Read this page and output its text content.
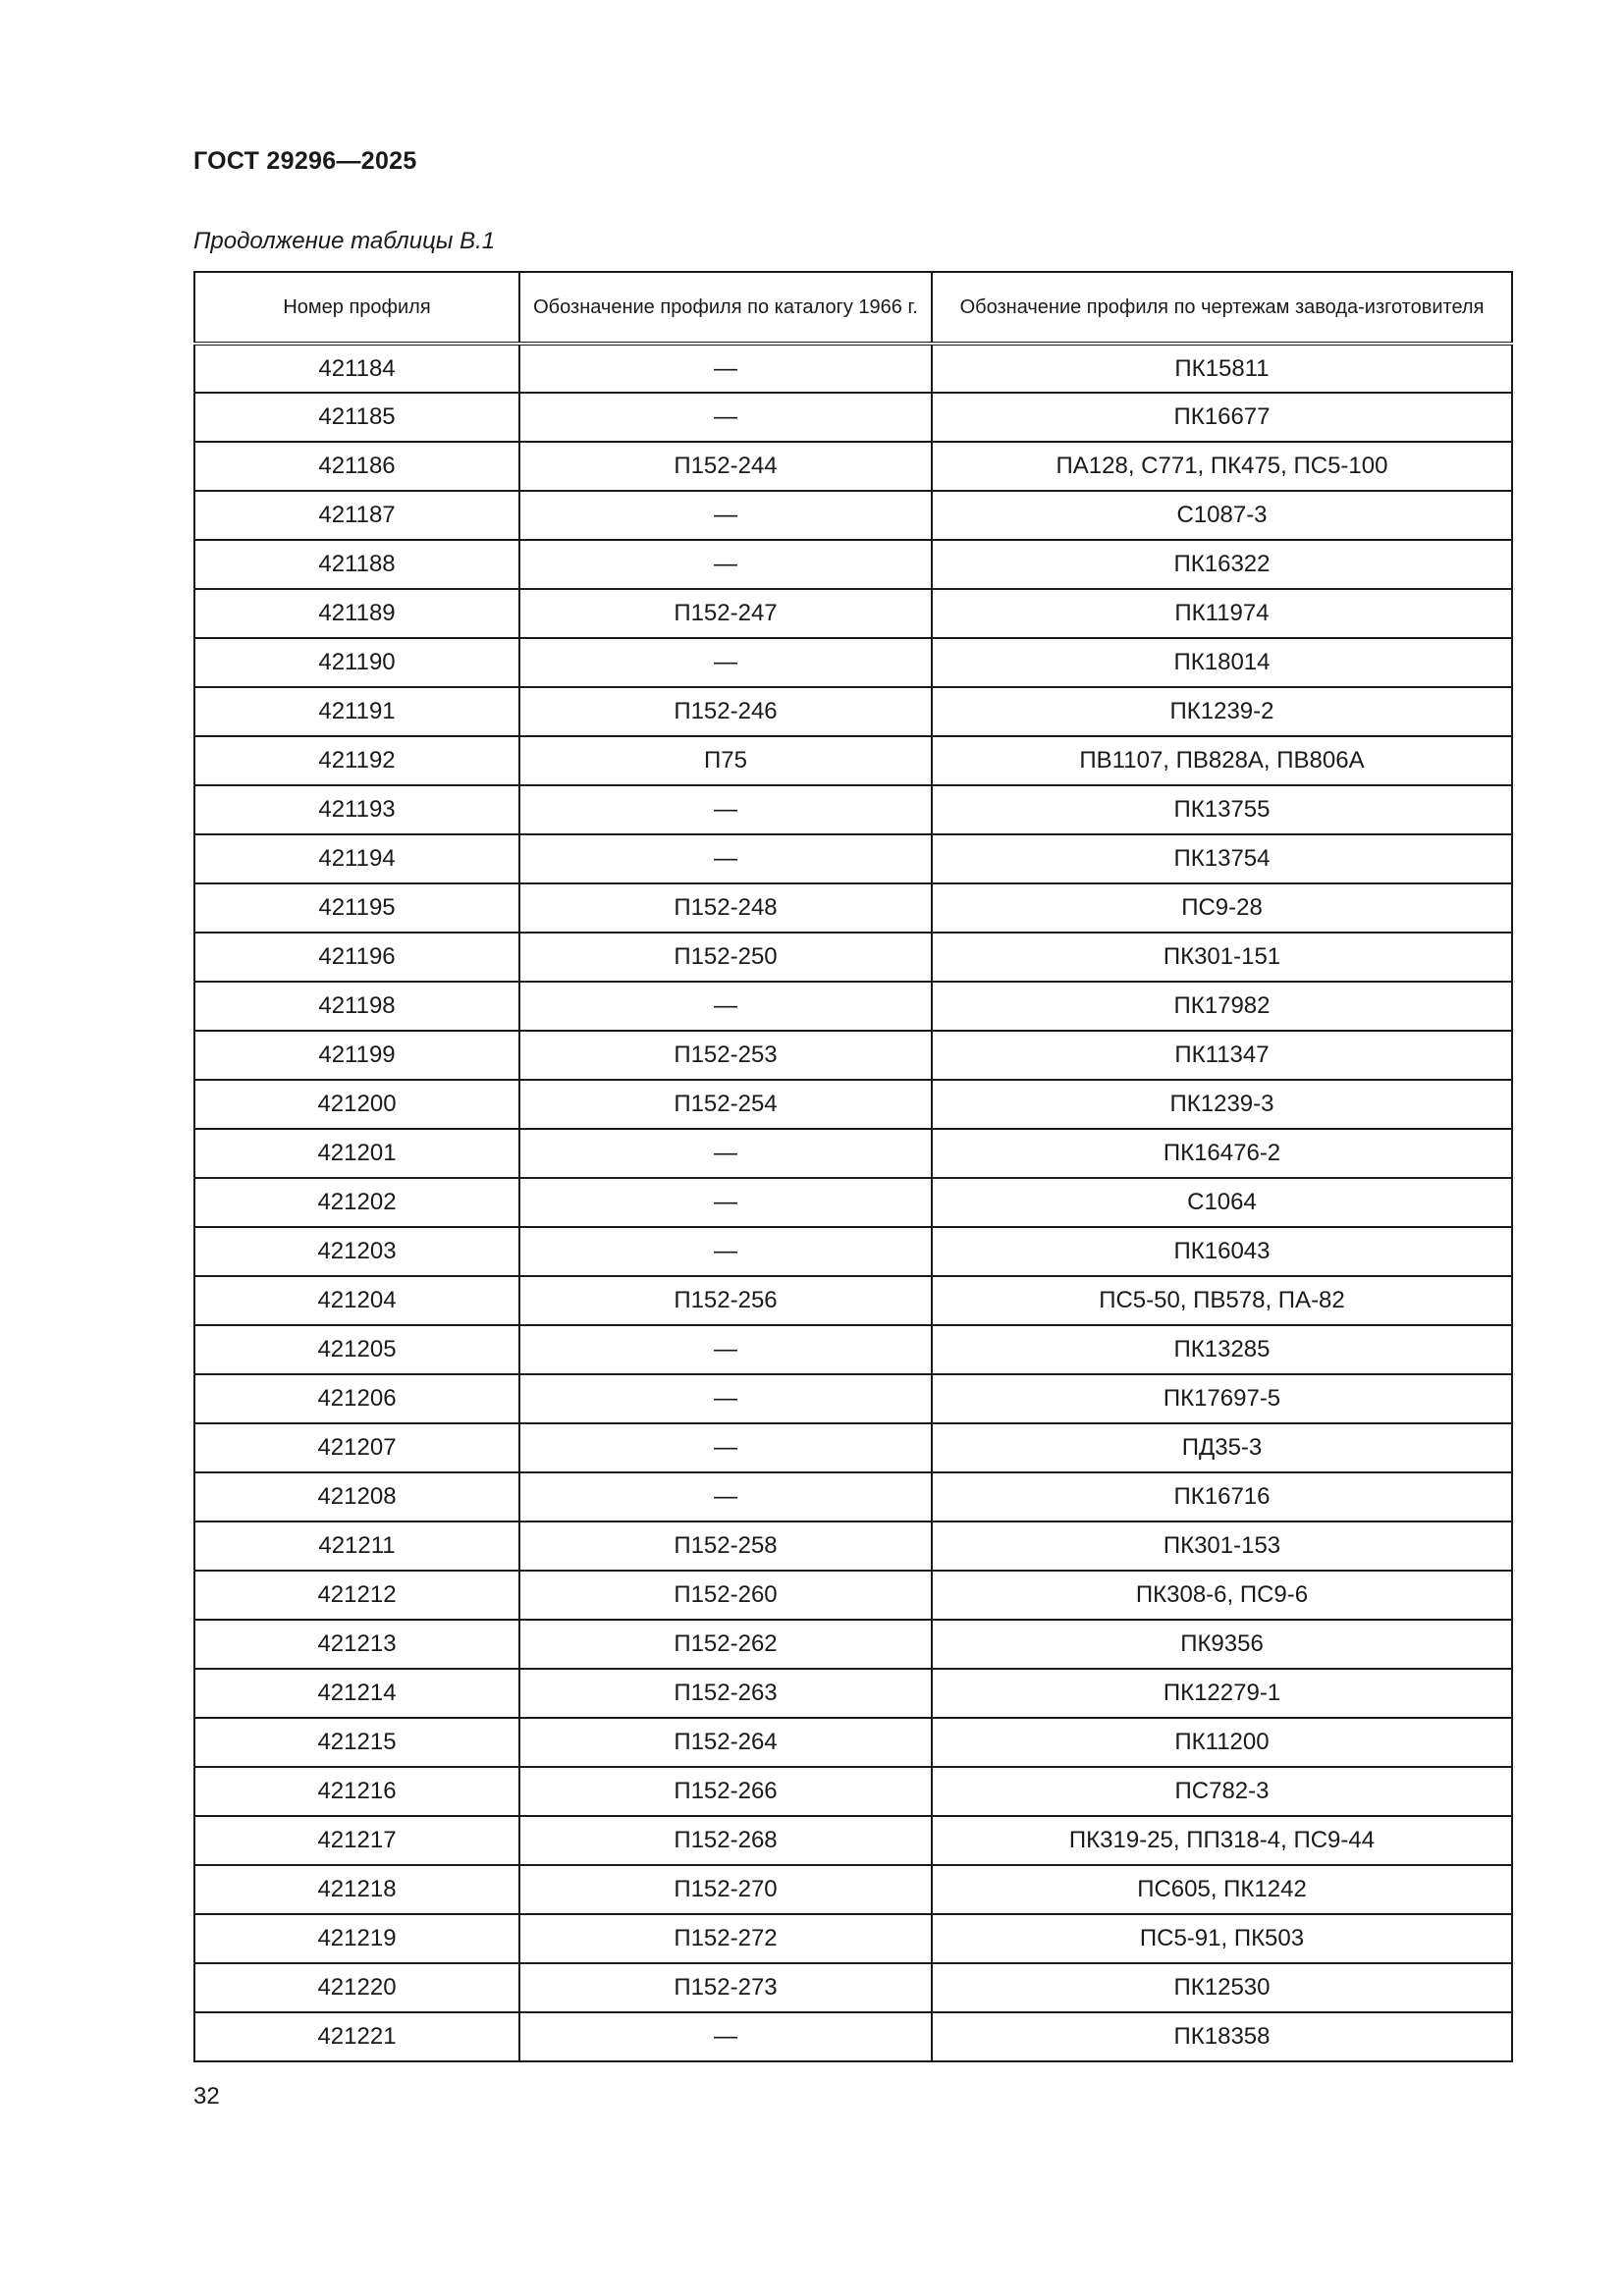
ГОСТ 29296—2025
Продолжение таблицы В.1
Номер профиля	Обозначение профиля по каталогу 1966 г.	Обозначение профиля по чертежам завода-изготовителя
421184	—	ПК15811
421185	—	ПК16677
421186	П152-244	ПА128, С771, ПК475, ПС5-100
421187	—	С1087-3
421188	—	ПК16322
421189	П152-247	ПК11974
421190	—	ПК18014
421191	П152-246	ПК1239-2
421192	П75	ПВ1107, ПВ828А, ПВ806А
421193	—	ПК13755
421194	—	ПК13754
421195	П152-248	ПС9-28
421196	П152-250	ПК301-151
421198	—	ПК17982
421199	П152-253	ПК11347
421200	П152-254	ПК1239-3
421201	—	ПК16476-2
421202	—	С1064
421203	—	ПК16043
421204	П152-256	ПС5-50, ПВ578, ПА-82
421205	—	ПК13285
421206	—	ПК17697-5
421207	—	ПД35-3
421208	—	ПК16716
421211	П152-258	ПК301-153
421212	П152-260	ПК308-6, ПС9-6
421213	П152-262	ПК9356
421214	П152-263	ПК12279-1
421215	П152-264	ПК11200
421216	П152-266	ПС782-3
421217	П152-268	ПК319-25, ПП318-4, ПС9-44
421218	П152-270	ПС605, ПК1242
421219	П152-272	ПС5-91, ПК503
421220	П152-273	ПК12530
421221	—	ПК18358
32
